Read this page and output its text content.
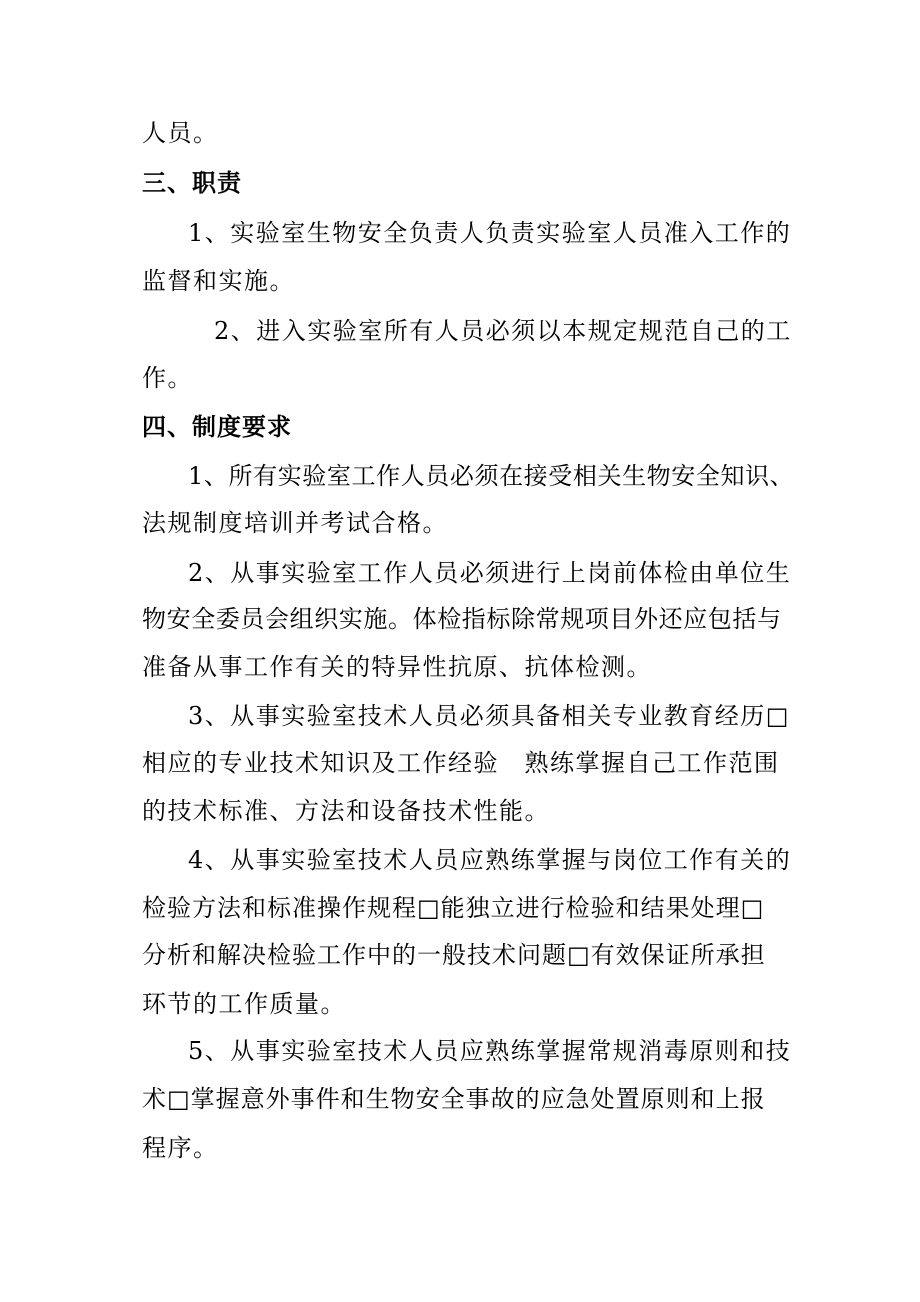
人员。
三、职责
1、实验室生物安全负责人负责实验室人员准入工作的
监督和实施。
2、进入实验室所有人员必须以本规定规范自己的工
作。
四、制度要求
1、所有实验室工作人员必须在接受相关生物安全知识、
法规制度培训并考试合格。
2、从事实验室工作人员必须进行上岗前体检由单位生
物安全委员会组织实施。体检指标除常规项目外还应包括与
准备从事工作有关的特异性抗原、抗体检测。
3、从事实验室技术人员必须具备相关专业教育经历□
相应的专业技术知识及工作经验　熟练掌握自己工作范围
的技术标准、方法和设备技术性能。
4、从事实验室技术人员应熟练掌握与岗位工作有关的
检验方法和标准操作规程□能独立进行检验和结果处理□
分析和解决检验工作中的一般技术问题□有效保证所承担
环节的工作质量。
5、从事实验室技术人员应熟练掌握常规消毒原则和技
术□掌握意外事件和生物安全事故的应急处置原则和上报
程序。
